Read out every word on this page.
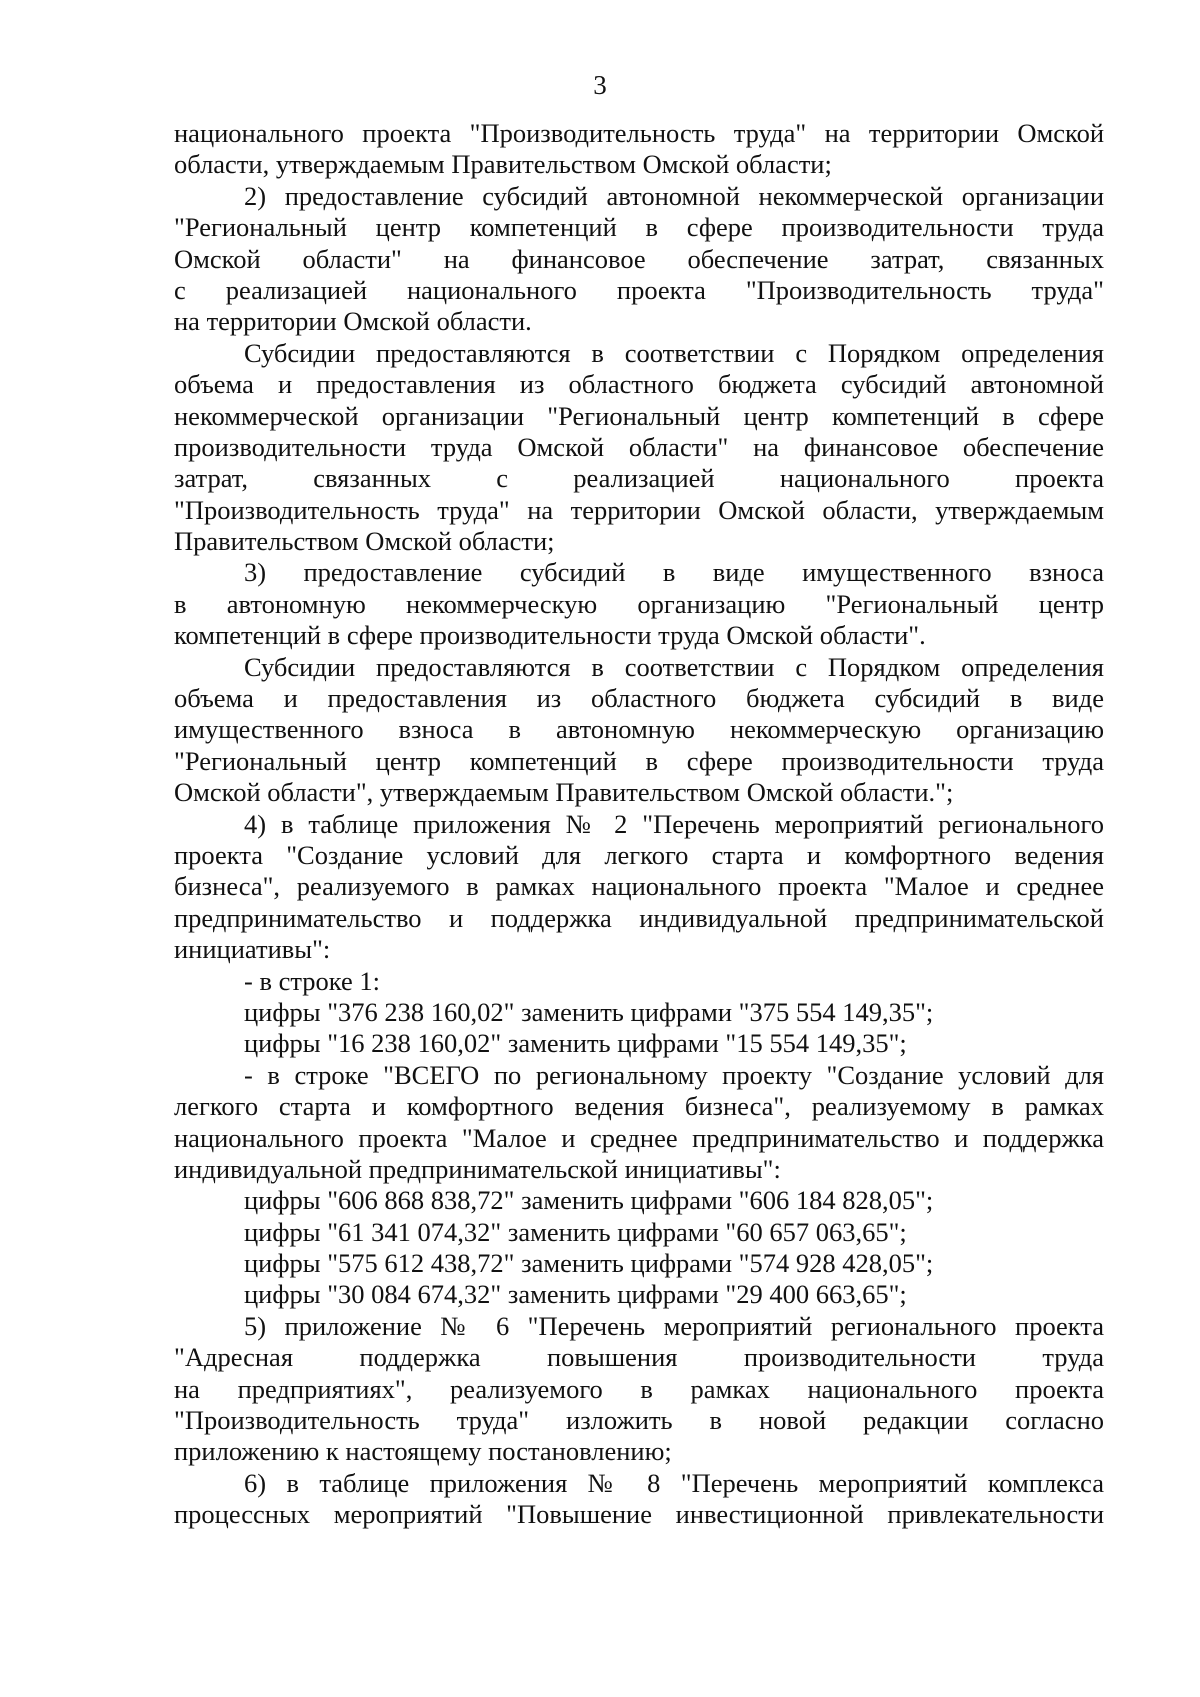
3
национального проекта "Производительность труда" на территории Омской
области, утверждаемым Правительством Омской области;
2) предоставление субсидий автономной некоммерческой организации
"Региональный центр компетенций в сфере производительности труда
Омской области" на финансовое обеспечение затрат, связанных
с реализацией национального проекта "Производительность труда"
на территории Омской области.
Субсидии предоставляются в соответствии с Порядком определения
объема и предоставления из областного бюджета субсидий автономной
некоммерческой организации "Региональный центр компетенций в сфере
производительности труда Омской области" на финансовое обеспечение
затрат, связанных с реализацией национального проекта
"Производительность труда" на территории Омской области, утверждаемым
Правительством Омской области;
3) предоставление субсидий в виде имущественного взноса
в автономную некоммерческую организацию "Региональный центр
компетенций в сфере производительности труда Омской области".
Субсидии предоставляются в соответствии с Порядком определения
объема и предоставления из областного бюджета субсидий в виде
имущественного взноса в автономную некоммерческую организацию
"Региональный центр компетенций в сфере производительности труда
Омской области", утверждаемым Правительством Омской области.";
4) в таблице приложения № 2 "Перечень мероприятий регионального
проекта "Создание условий для легкого старта и комфортного ведения
бизнеса", реализуемого в рамках национального проекта "Малое и среднее
предпринимательство и поддержка индивидуальной предпринимательской
инициативы":
- в строке 1:
цифры "376 238 160,02" заменить цифрами "375 554 149,35";
цифры "16 238 160,02" заменить цифрами "15 554 149,35";
- в строке "ВСЕГО по региональному проекту "Создание условий для
легкого старта и комфортного ведения бизнеса", реализуемому в рамках
национального проекта "Малое и среднее предпринимательство и поддержка
индивидуальной предпринимательской инициативы":
цифры "606 868 838,72" заменить цифрами "606 184 828,05";
цифры "61 341 074,32" заменить цифрами "60 657 063,65";
цифры "575 612 438,72" заменить цифрами "574 928 428,05";
цифры "30 084 674,32" заменить цифрами "29 400 663,65";
5) приложение № 6 "Перечень мероприятий регионального проекта
"Адресная поддержка повышения производительности труда
на предприятиях", реализуемого в рамках национального проекта
"Производительность труда" изложить в новой редакции согласно
приложению к настоящему постановлению;
6) в таблице приложения № 8 "Перечень мероприятий комплекса
процессных мероприятий "Повышение инвестиционной привлекательности
